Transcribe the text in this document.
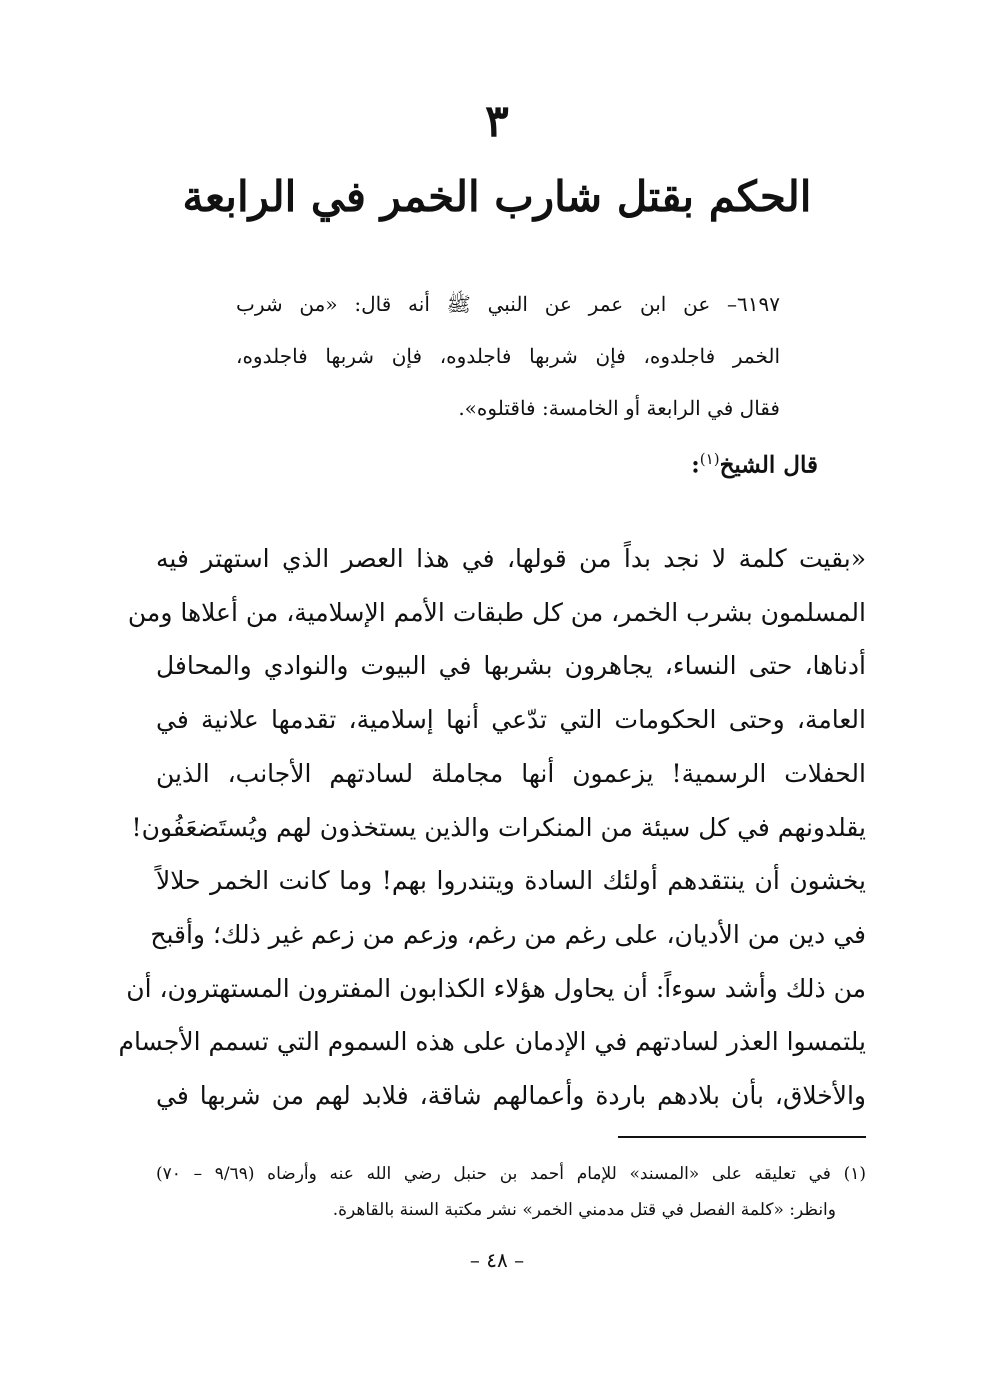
٣
الحكم بقتل شارب الخمر في الرابعة
٦١٩٧– عن ابن عمر عن النبي ﷺ أنه قال: «من شرب
الخمر فاجلدوه، فإن شربها فاجلدوه، فإن شربها فاجلدوه،
فقال في الرابعة أو الخامسة: فاقتلوه».
قال الشيخ$^{(١)}$:
«بقيت كلمة لا نجد بداً من قولها، في هذا العصر الذي استهتر فيه
المسلمون بشرب الخمر، من كل طبقات الأمم الإسلامية، من أعلاها ومن
أدناها، حتى النساء، يجاهرون بشربها في البيوت والنوادي والمحافل
العامة، وحتى الحكومات التي تدّعي أنها إسلامية، تقدمها علانية في
الحفلات الرسمية! يزعمون أنها مجاملة لسادتهم الأجانب، الذين
يقلدونهم في كل سيئة من المنكرات والذين يستخذون لهم ويُستَضعَفُون!
يخشون أن ينتقدهم أولئك السادة ويتندروا بهم! وما كانت الخمر حلالاً
في دين من الأديان، على رغم من رغم، وزعم من زعم غير ذلك؛ وأقبح
من ذلك وأشد سوءاً: أن يحاول هؤلاء الكذابون المفترون المستهترون، أن
يلتمسوا العذر لسادتهم في الإدمان على هذه السموم التي تسمم الأجسام
والأخلاق، بأن بلادهم باردة وأعمالهم شاقة، فلابد لهم من شربها في
(١) في تعليقه على «المسند» للإمام أحمد بن حنبل رضي الله عنه وأرضاه (٩/٦٩ – ٧٠)
وانظر: «كلمة الفصل في قتل مدمني الخمر» نشر مكتبة السنة بالقاهرة.
– ٤٨ –
